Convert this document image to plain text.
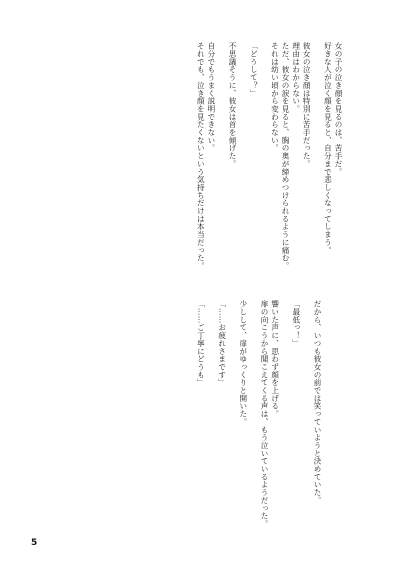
女の子の泣き顔を見るのは、苦手だ。
好きな人が泣く顔を見ると、自分まで悲しくなってしまう。

彼女の泣き顔は特別に苦手だった。
理由はわからない。
ただ、彼女の涙を見ると、胸の奥が締めつけられるように痛む。
それは幼い頃から変わらない。

「どうして？」

不思議そうに、彼女は首を傾げた。

自分でもうまく説明できない。
それでも、泣き顔を見たくないという気持ちだけは本当だった。
だから、いつも彼女の前では笑っていようと決めていた。

「最低っ！」

響いた声に、思わず顔を上げる。
扉の向こうから聞こえてくる声は、もう泣いているようだった。

少しして、扉がゆっくりと開いた。

「……お疲れさまです」

「……ご丁寧にどうも」
5
